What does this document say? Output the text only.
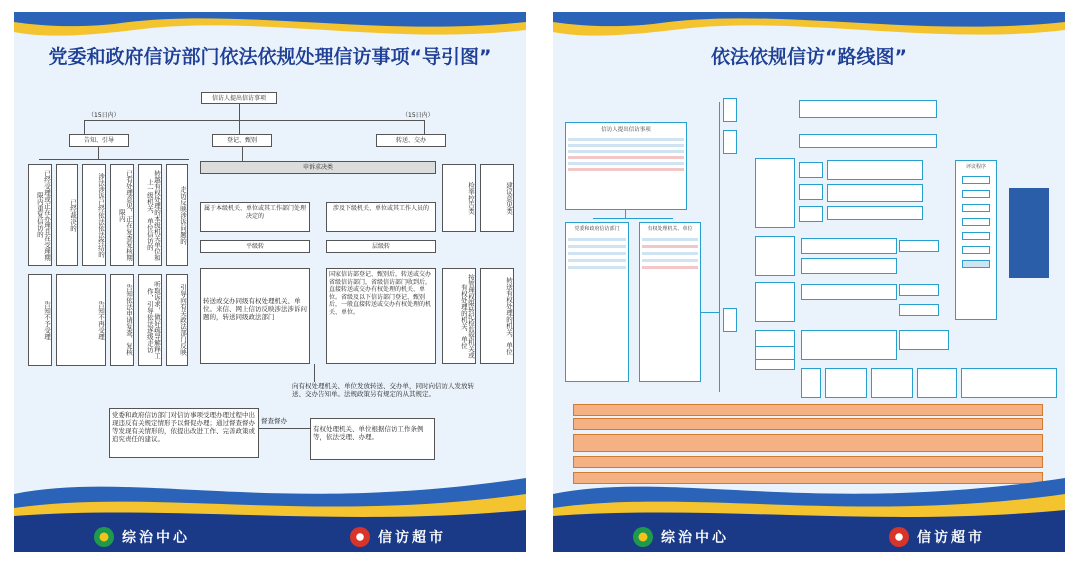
党委和政府信访部门依法依规处理信访事项“导引图”
信访人提出信访事项
（15日内）	（15日内）
告知、引导	登记、甄别	转送、交办
已经受理或正在办理且在受理期限内重复信访的	已经裁决的	涉法涉诉已经依法依法终结的	已有处理意见，正在复查复核期限内	转越有权处理的本级机关单位和上一级机关、单位信访的	走访反映涉诉问题的
告知不予受理	告知不再受理	告知依法申请复查、复核	听取诉求，做好疏导解释工作，引导依法逐级走访	引导向有关政法部门反映
申诉求决类
属于本级机关、单位或其工作部门处理决定的
涉及下级机关、单位或其工作人员的
平级转	层级转
转送或交办同级有权处理机关、单位。来信、网上信访反映涉法涉诉问题的，转送同级政法部门
国家信访部登记、甄别后，转送或交办省级信访部门，省级信访部门收到后，直接转送或交办有权处理的机关、单位。省级及以下信访部门登记、甄别后，一般直接转送或交办有权处理的机关、单位。
检举控告类	建议意见类
按管理权限转纪检监察机关或有权处理的机关、单位	转送有权处理的机关、单位
向有权处理机关、单位发放转送、交办单，同时向信访人发放转送、交办告知单。法规政策另有规定的从其规定。
党委和政府信访部门对信访事项受理办理过程中出现违反有关规定情形予以督促办理；通过督查督办等发现有关情形的，依提出改进工作、完善政策或追究责任的建议。
督查督办
有权处理机关、单位根据信访工作条例等，依法受理、办理。
综治中心	信访超市
依法依规信访“路线图”
信访人提出信访事项
党委和政府信访部门	有权处理机关、单位
评议程序
综治中心	信访超市
